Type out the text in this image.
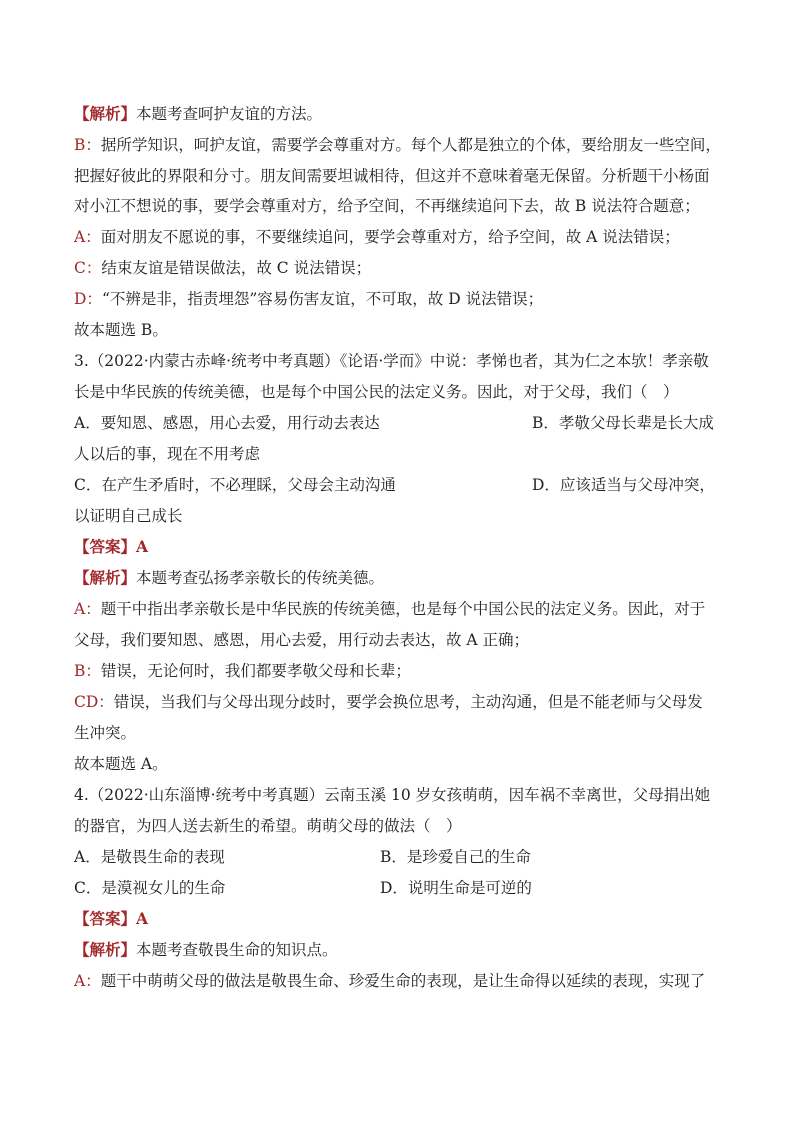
【解析】本题考查呵护友谊的方法。
B：据所学知识，呵护友谊，需要学会尊重对方。每个人都是独立的个体，要给朋友一些空间，
把握好彼此的界限和分寸。朋友间需要坦诚相待，但这并不意味着毫无保留。分析题干小杨面
对小江不想说的事，要学会尊重对方，给予空间，不再继续追问下去，故 B 说法符合题意；
A：面对朋友不愿说的事，不要继续追问，要学会尊重对方，给予空间，故 A 说法错误；
C：结束友谊是错误做法，故 C 说法错误；
D：“不辨是非，指责埋怨”容易伤害友谊，不可取，故 D 说法错误；
故本题选 B。
3.（2022·内蒙古赤峰·统考中考真题）《论语·学而》中说：孝悌也者，其为仁之本欤！孝亲敬
长是中华民族的传统美德，也是每个中国公民的法定义务。因此，对于父母，我们（　）
A．要知恩、感恩，用心去爱，用行动去表达	B．孝敬父母长辈是长大成
人以后的事，现在不用考虑
C．在产生矛盾时，不必理睬，父母会主动沟通	D．应该适当与父母冲突，
以证明自己成长
【答案】A
【解析】本题考查弘扬孝亲敬长的传统美德。
A：题干中指出孝亲敬长是中华民族的传统美德，也是每个中国公民的法定义务。因此，对于
父母，我们要知恩、感恩，用心去爱，用行动去表达，故 A 正确；
B：错误，无论何时，我们都要孝敬父母和长辈；
CD：错误，当我们与父母出现分歧时，要学会换位思考，主动沟通，但是不能老师与父母发
生冲突。
故本题选 A。
4.（2022·山东淄博·统考中考真题）云南玉溪 10 岁女孩萌萌，因车祸不幸离世，父母捐出她
的器官，为四人送去新生的希望。萌萌父母的做法（　）
A．是敬畏生命的表现	B．是珍爱自己的生命
C．是漠视女儿的生命	D．说明生命是可逆的
【答案】A
【解析】本题考查敬畏生命的知识点。
A：题干中萌萌父母的做法是敬畏生命、珍爱生命的表现，是让生命得以延续的表现，实现了
